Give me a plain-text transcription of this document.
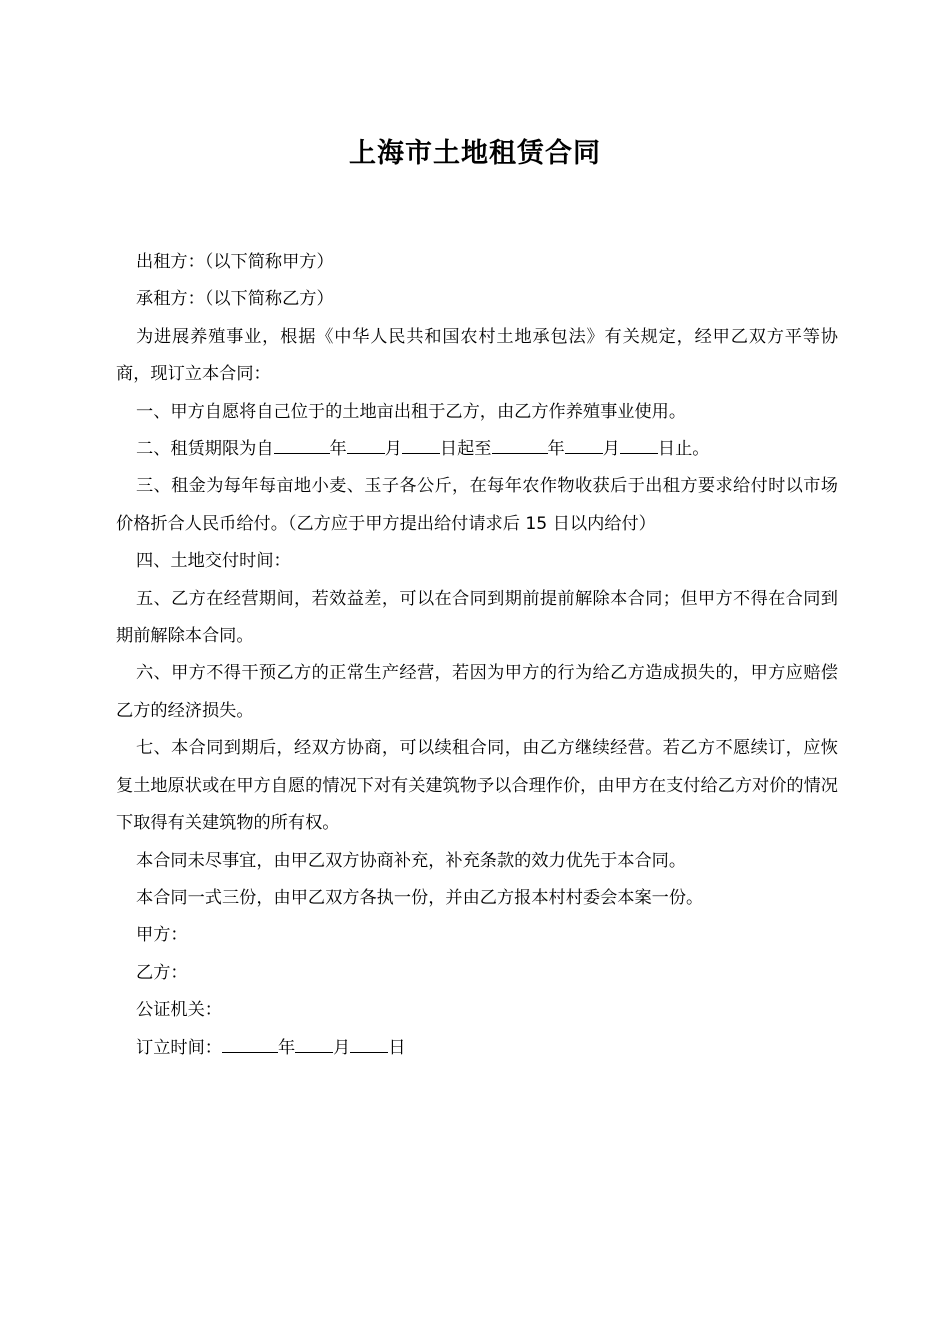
上海市土地租赁合同

出租方：（以下简称甲方）

承租方：（以下简称乙方）

为进展养殖事业，根据《中华人民共和国农村土地承包法》有关规定，经甲乙双方平等协商，现订立本合同：

一、甲方自愿将自己位于的土地亩出租于乙方，由乙方作养殖事业使用。

二、租赁期限为自	年 月 日起至	年 月 日止。

三、租金为每年每亩地小麦、玉子各公斤，在每年农作物收获后于出租方要求给付时以市场价格折合人民币给付。（乙方应于甲方提出给付请求后 15 日以内给付）

四、土地交付时间：

五、乙方在经营期间，若效益差，可以在合同到期前提前解除本合同；但甲方不得在合同到期前解除本合同。

六、甲方不得干预乙方的正常生产经营，若因为甲方的行为给乙方造成损失的，甲方应赔偿乙方的经济损失。

七、本合同到期后，经双方协商，可以续租合同，由乙方继续经营。若乙方不愿续订，应恢复土地原状或在甲方自愿的情况下对有关建筑物予以合理作价，由甲方在支付给乙方对价的情况下取得有关建筑物的所有权。

本合同未尽事宜，由甲乙双方协商补充，补充条款的效力优先于本合同。

本合同一式三份，由甲乙双方各执一份，并由乙方报本村村委会本案一份。

甲方：

乙方：

公证机关：

订立时间：	年 月 日
